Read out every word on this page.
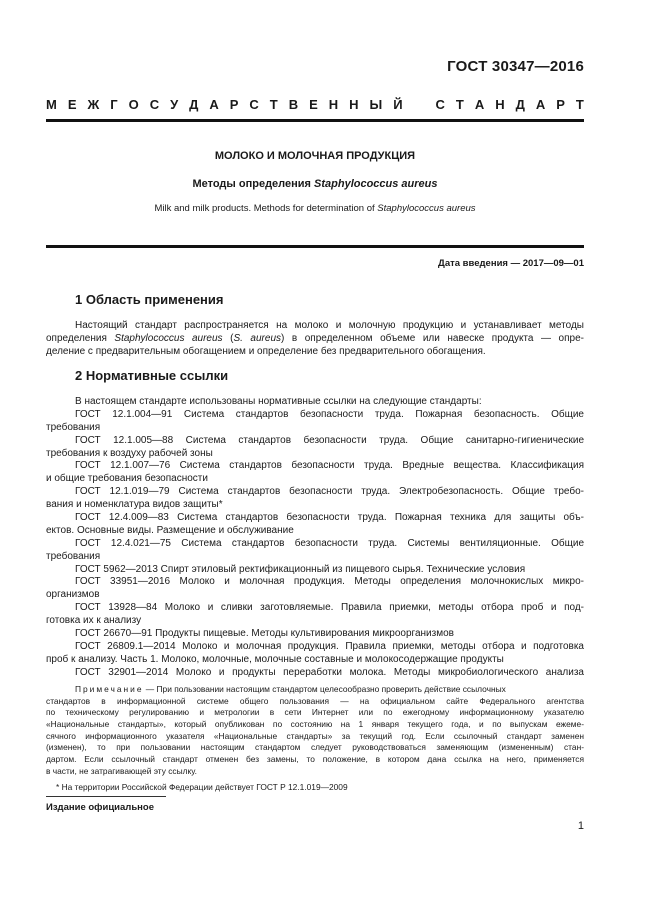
ГОСТ 30347—2016
М Е Ж Г О С У Д А Р С Т В Е Н Н Ы Й	С Т А Н Д А Р Т
МОЛОКО И МОЛОЧНАЯ ПРОДУКЦИЯ
Методы определения Staphylococcus aureus
Milk and milk products. Methods for determination of Staphylococcus aureus
Дата введения — 2017—09—01
1 Область применения
Настоящий стандарт распространяется на молоко и молочную продукцию и устанавливает методы
определения Staphylococcus aureus (S. aureus) в определенном объеме или навеске продукта — опре-
деление с предварительным обогащением и определение без предварительного обогащения.
2 Нормативные ссылки
В настоящем стандарте использованы нормативные ссылки на следующие стандарты:
ГОСТ 12.1.004—91 Система стандартов безопасности труда. Пожарная безопасность. Общие
требования
ГОСТ 12.1.005—88 Система стандартов безопасности труда. Общие санитарно-гигиенические
требования к воздуху рабочей зоны
ГОСТ 12.1.007—76 Система стандартов безопасности труда. Вредные вещества. Классификация
и общие требования безопасности
ГОСТ 12.1.019—79 Система стандартов безопасности труда. Электробезопасность. Общие требо-
вания и номенклатура видов защиты*
ГОСТ 12.4.009—83 Система стандартов безопасности труда. Пожарная техника для защиты объ-
ектов. Основные виды. Размещение и обслуживание
ГОСТ 12.4.021—75 Система стандартов безопасности труда. Системы вентиляционные. Общие
требования
ГОСТ 5962—2013 Спирт этиловый ректификационный из пищевого сырья. Технические условия
ГОСТ 33951—2016 Молоко и молочная продукция. Методы определения молочнокислых микро-
организмов
ГОСТ 13928—84 Молоко и сливки заготовляемые. Правила приемки, методы отбора проб и под-
готовка их к анализу
ГОСТ 26670—91 Продукты пищевые. Методы культивирования микроорганизмов
ГОСТ 26809.1—2014 Молоко и молочная продукция. Правила приемки, методы отбора и подготовка
проб к анализу. Часть 1. Молоко, молочные, молочные составные и молокосодержащие продукты
ГОСТ 32901—2014 Молоко и продукты переработки молока. Методы микробиологического анализа
Примечание — При пользовании настоящим стандартом целесообразно проверить действие ссылочных
стандартов в информационной системе общего пользования — на официальном сайте Федерального агентства
по техническому регулированию и метрологии в сети Интернет или по ежегодному информационному указателю
«Национальные стандарты», который опубликован по состоянию на 1 января текущего года, и по выпускам ежеме-
сячного информационного указателя «Национальные стандарты» за текущий год. Если ссылочный стандарт заменен
(изменен), то при пользовании настоящим стандартом следует руководствоваться заменяющим (измененным) стан-
дартом. Если ссылочный стандарт отменен без замены, то положение, в котором дана ссылка на него, применяется
в части, не затрагивающей эту ссылку.
* На территории Российской Федерации действует ГОСТ Р 12.1.019—2009
Издание официальное
1
